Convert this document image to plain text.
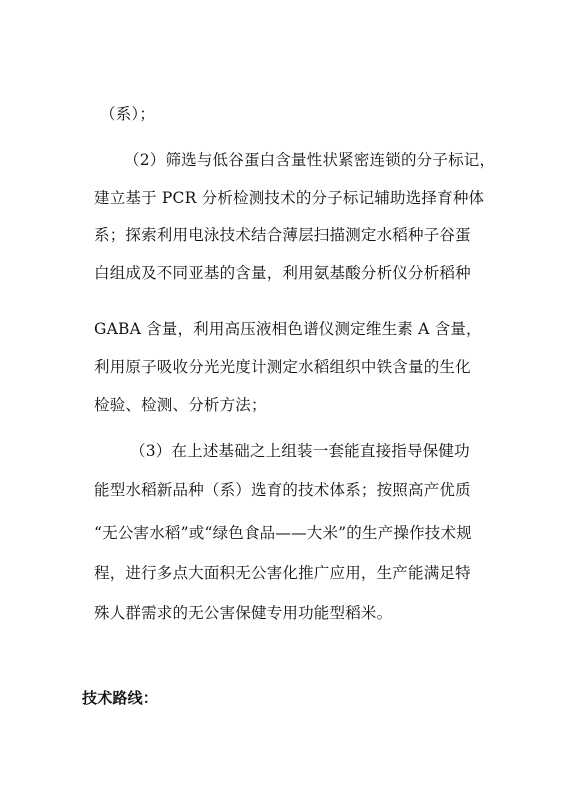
（系）；
（2）筛选与低谷蛋白含量性状紧密连锁的分子标记，
建立基于 PCR 分析检测技术的分子标记辅助选择育种体
系；探索利用电泳技术结合薄层扫描测定水稻种子谷蛋
白组成及不同亚基的含量，利用氨基酸分析仪分析稻种
GABA 含量，利用高压液相色谱仪测定维生素 A 含量，
利用原子吸收分光光度计测定水稻组织中铁含量的生化
检验、检测、分析方法；
（3）在上述基础之上组装一套能直接指导保健功
能型水稻新品种（系）选育的技术体系；按照高产优质
“无公害水稻”或“绿色食品——大米”的生产操作技术规
程，进行多点大面积无公害化推广应用，生产能满足特
殊人群需求的无公害保健专用功能型稻米。
技术路线：
